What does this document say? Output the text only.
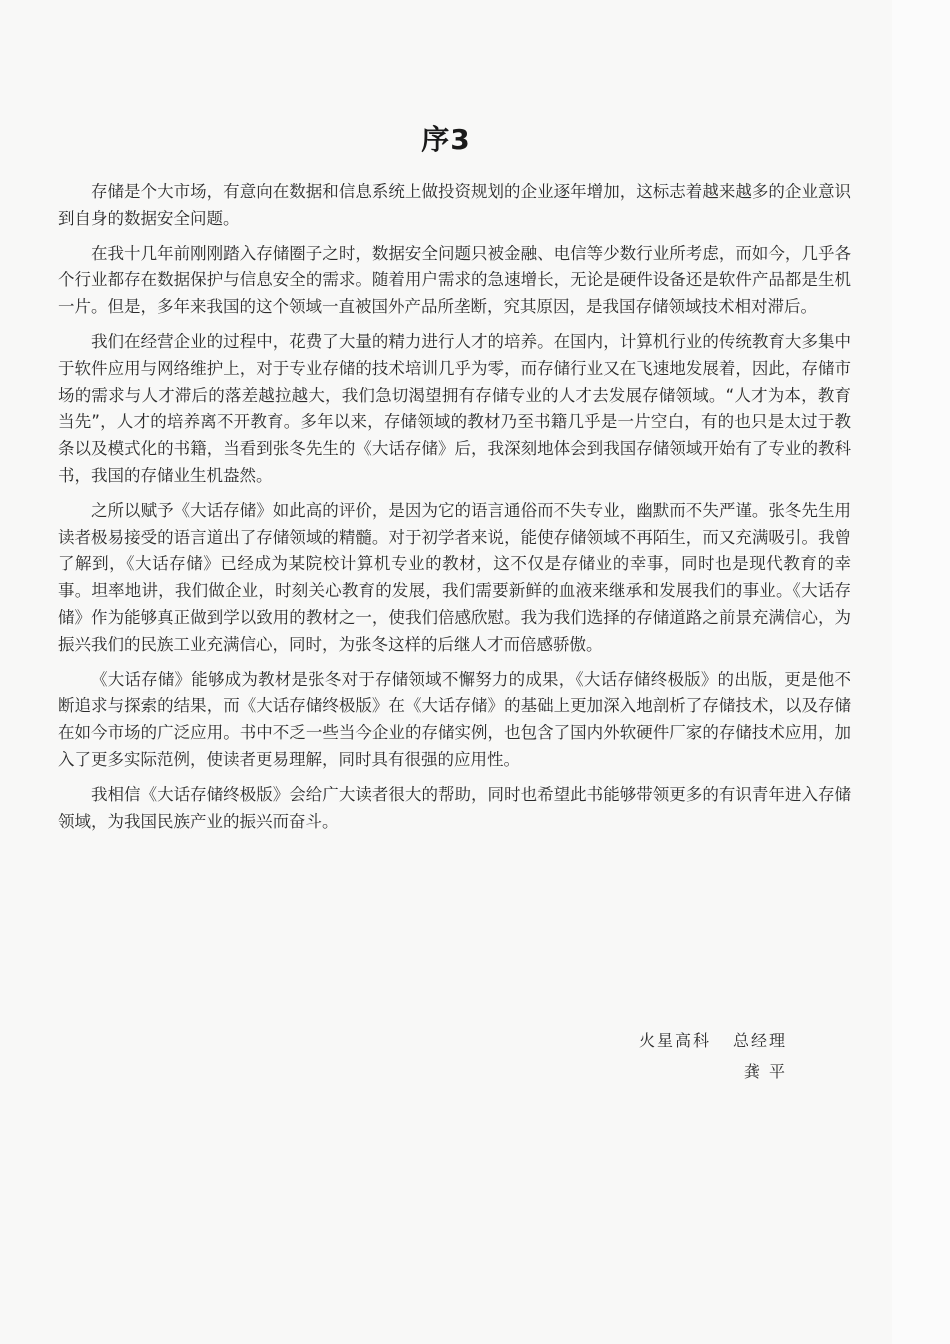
序3

存储是个大市场，有意向在数据和信息系统上做投资规划的企业逐年增加，这标志着越来越多的企业意识到自身的数据安全问题。

在我十几年前刚刚踏入存储圈子之时，数据安全问题只被金融、电信等少数行业所考虑，而如今，几乎各个行业都存在数据保护与信息安全的需求。随着用户需求的急速增长，无论是硬件设备还是软件产品都是生机一片。但是，多年来我国的这个领域一直被国外产品所垄断，究其原因，是我国存储领域技术相对滞后。

我们在经营企业的过程中，花费了大量的精力进行人才的培养。在国内，计算机行业的传统教育大多集中于软件应用与网络维护上，对于专业存储的技术培训几乎为零，而存储行业又在飞速地发展着，因此，存储市场的需求与人才滞后的落差越拉越大，我们急切渴望拥有存储专业的人才去发展存储领域。“人才为本，教育当先”，人才的培养离不开教育。多年以来，存储领域的教材乃至书籍几乎是一片空白，有的也只是太过于教条以及模式化的书籍，当看到张冬先生的《大话存储》后，我深刻地体会到我国存储领域开始有了专业的教科书，我国的存储业生机盎然。

之所以赋予《大话存储》如此高的评价，是因为它的语言通俗而不失专业，幽默而不失严谨。张冬先生用读者极易接受的语言道出了存储领域的精髓。对于初学者来说，能使存储领域不再陌生，而又充满吸引。我曾了解到，《大话存储》已经成为某院校计算机专业的教材，这不仅是存储业的幸事，同时也是现代教育的幸事。坦率地讲，我们做企业，时刻关心教育的发展，我们需要新鲜的血液来继承和发展我们的事业。《大话存储》作为能够真正做到学以致用的教材之一，使我们倍感欣慰。我为我们选择的存储道路之前景充满信心，为振兴我们的民族工业充满信心，同时，为张冬这样的后继人才而倍感骄傲。

《大话存储》能够成为教材是张冬对于存储领域不懈努力的成果，《大话存储终极版》的出版，更是他不断追求与探索的结果，而《大话存储终极版》在《大话存储》的基础上更加深入地剖析了存储技术，以及存储在如今市场的广泛应用。书中不乏一些当今企业的存储实例，也包含了国内外软硬件厂家的存储技术应用，加入了更多实际范例，使读者更易理解，同时具有很强的应用性。

我相信《大话存储终极版》会给广大读者很大的帮助，同时也希望此书能够带领更多的有识青年进入存储领域，为我国民族产业的振兴而奋斗。

火星高科 总经理
龚 平
